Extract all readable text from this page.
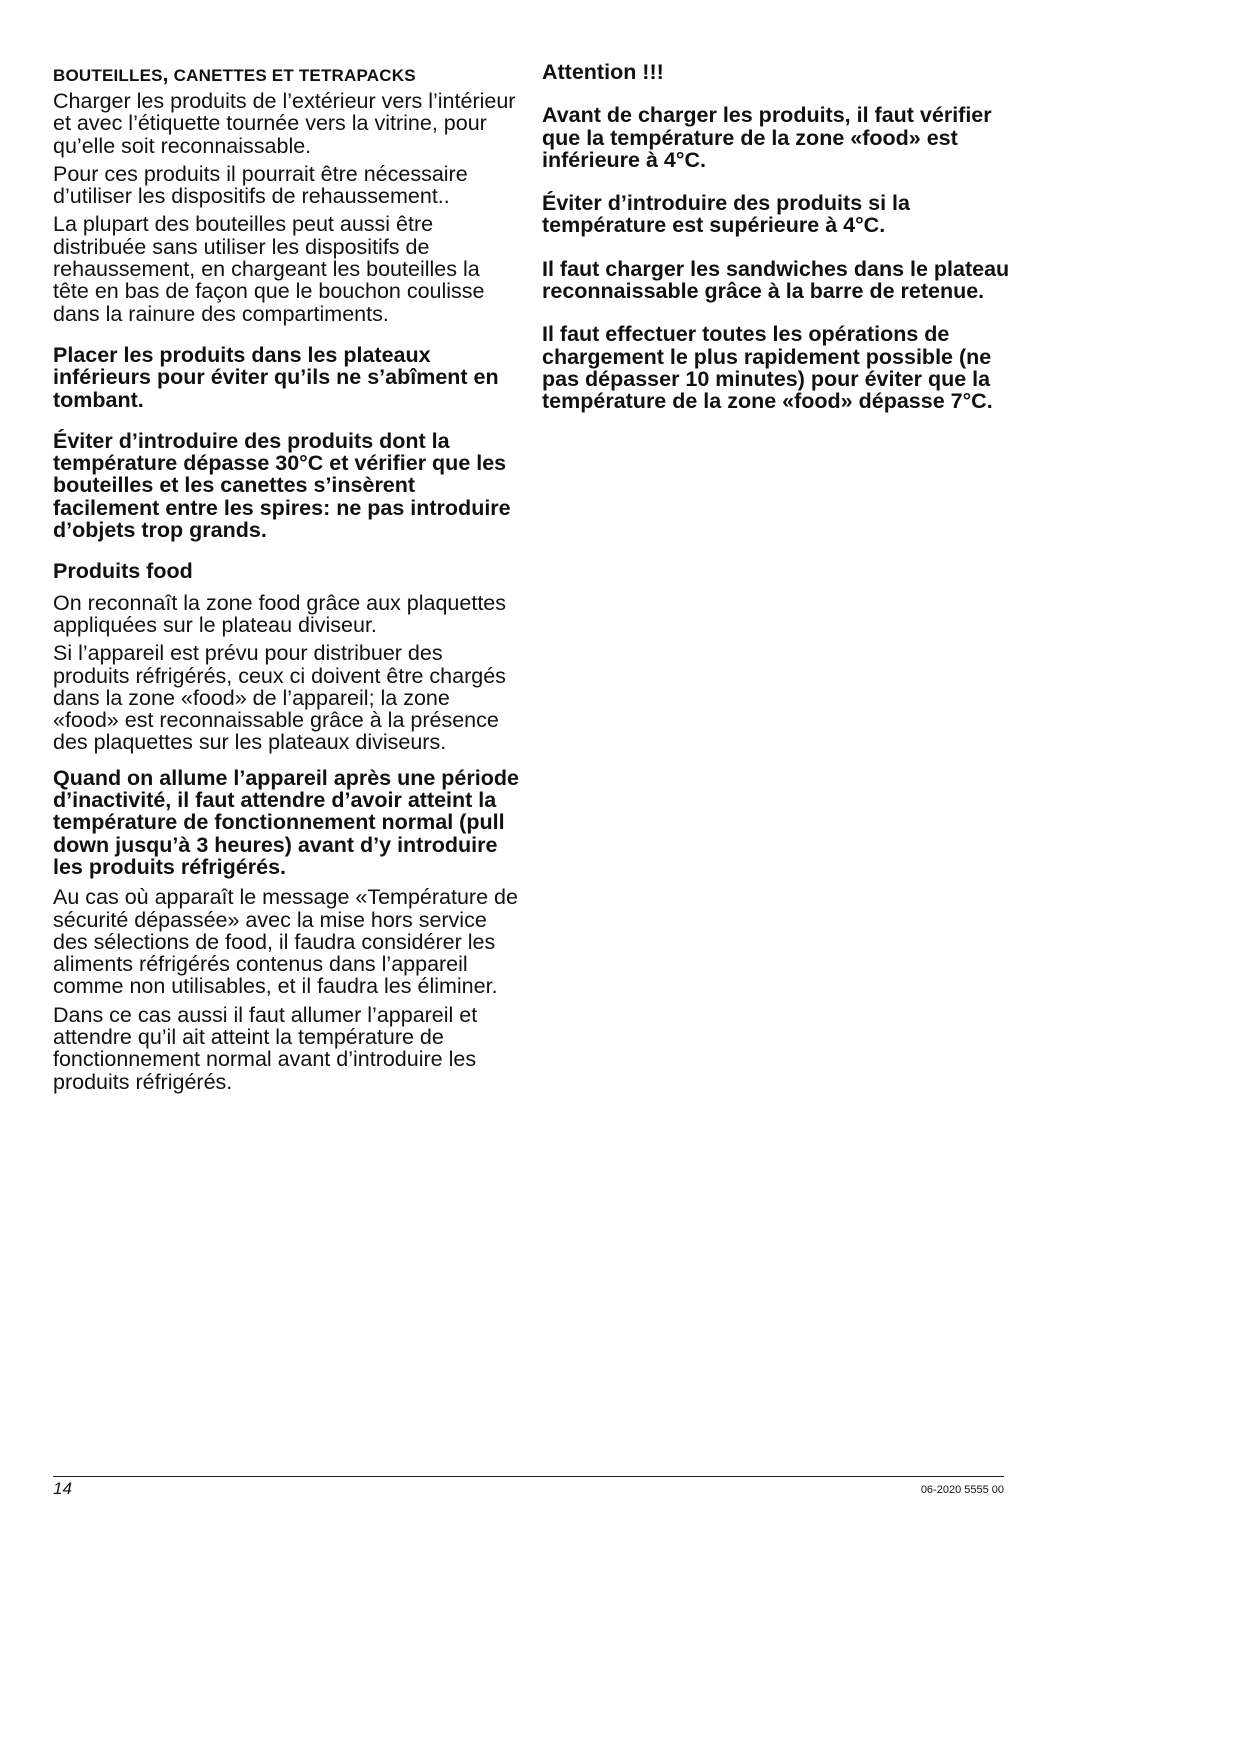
BOUTEILLES, CANETTES ET TETRAPACKS

Charger les produits de l’extérieur vers l’intérieur et avec l’étiquette tournée vers la vitrine, pour qu’elle soit reconnaissable.

Pour ces produits il pourrait être nécessaire d’utiliser les dispositifs de rehaussement..

La plupart des bouteilles peut aussi être distribuée sans utiliser les dispositifs de rehaussement, en chargeant les bouteilles la tête en bas de façon que le bouchon coulisse dans la rainure des compartiments.

Placer les produits dans les plateaux inférieurs pour éviter qu’ils ne s’abîment en tombant.

Éviter d’introduire des produits dont la température dépasse 30°C et vérifier que les bouteilles et les canettes s’insèrent facilement entre les spires: ne pas introduire d’objets trop grands.

Produits food

On reconnaît la zone food grâce aux plaquettes appliquées sur le plateau diviseur.

Si l’appareil est prévu pour distribuer des produits réfrigérés, ceux ci doivent être chargés dans la zone «food» de l’appareil; la zone «food» est reconnaissable grâce à la présence des plaquettes sur les plateaux diviseurs.

Quand on allume l’appareil après une période d’inactivité, il faut attendre d’avoir atteint la température de fonctionnement normal (pull down jusqu’à 3 heures) avant d’y introduire les produits réfrigérés.

Au cas où apparaît le message «Température de sécurité dépassée» avec la mise hors service des sélections de food, il faudra considérer les aliments réfrigérés contenus dans l’appareil comme non utilisables, et il faudra les éliminer.

Dans ce cas aussi il faut allumer l’appareil et attendre qu’il ait atteint la température de fonctionnement normal avant d’introduire les produits réfrigérés.

Attention !!!

Avant de charger les produits, il faut vérifier que la température de la zone «food» est inférieure à 4°C.

Éviter d’introduire des produits si la température est supérieure à 4°C.

Il faut charger les sandwiches dans le plateau reconnaissable grâce à la barre de retenue.

Il faut effectuer toutes les opérations de chargement le plus rapidement possible (ne pas dépasser 10 minutes) pour éviter que la température de la zone «food» dépasse 7°C.

14	06-2020 5555 00
